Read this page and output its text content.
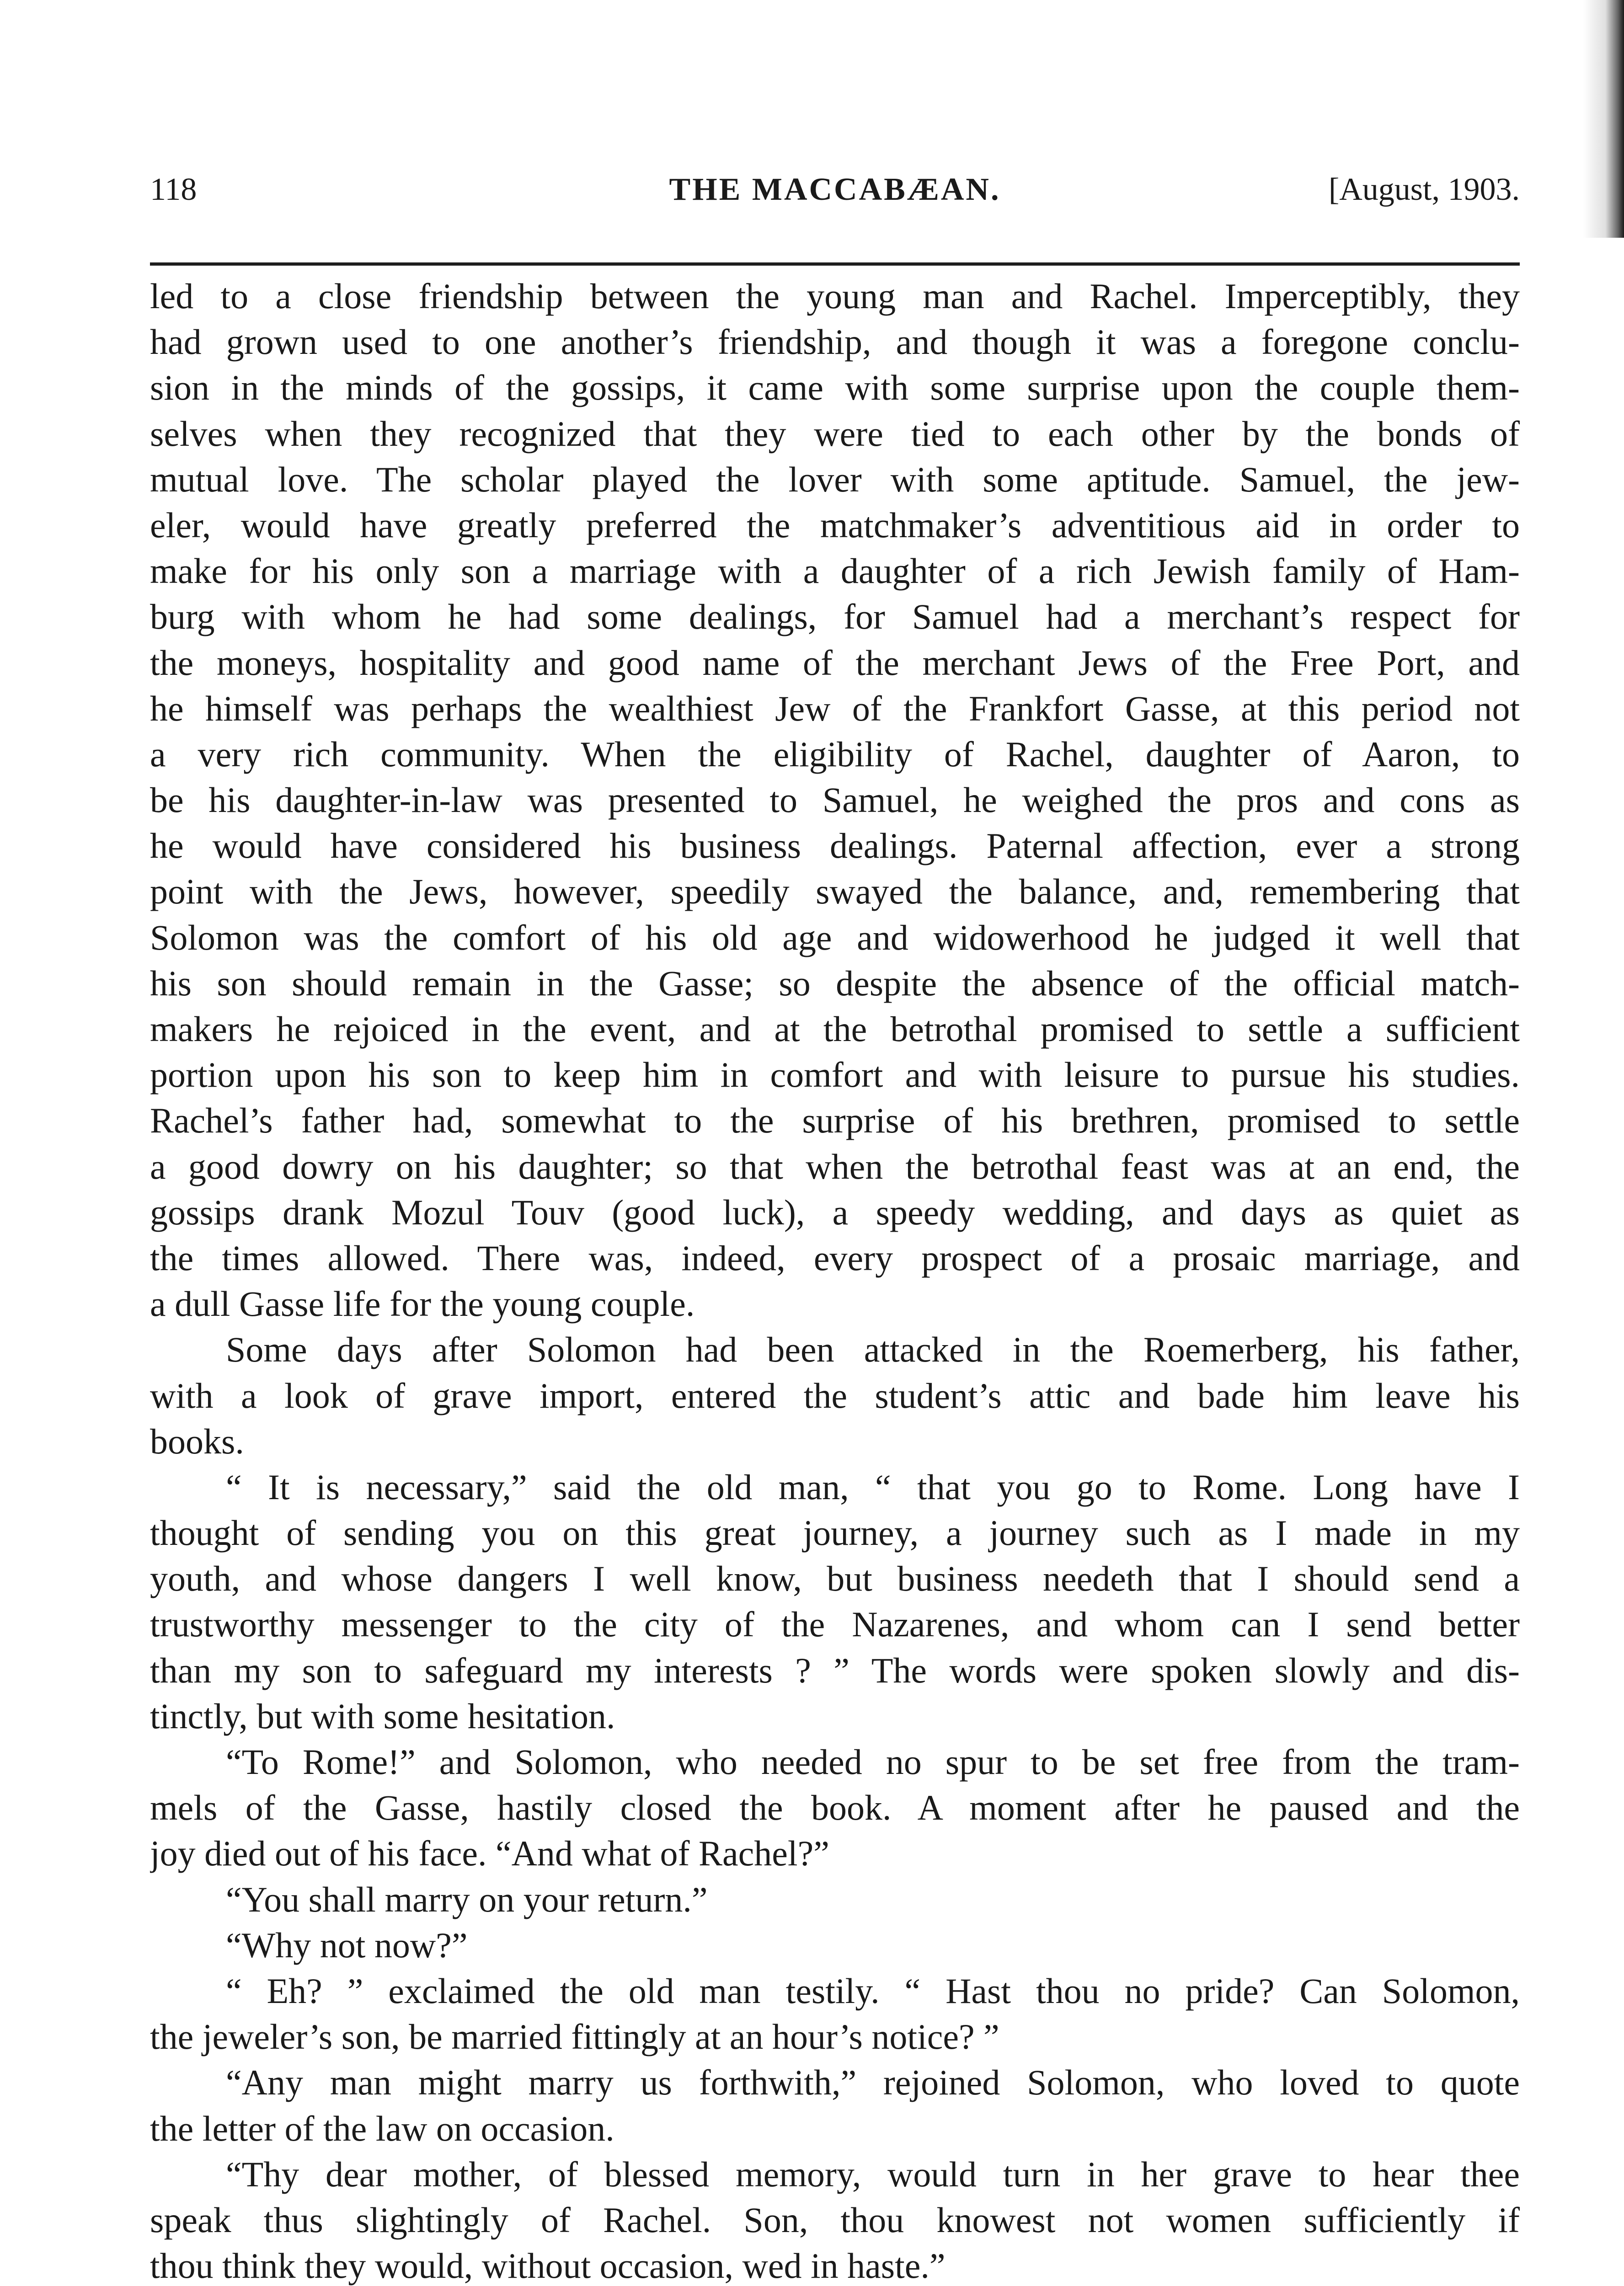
118	THE MACCABÆAN.	[August, 1903.
led to a close friendship between the young man and Rachel. Imperceptibly, they
had grown used to one another’s friendship, and though it was a foregone conclu-
sion in the minds of the gossips, it came with some surprise upon the couple them-
selves when they recognized that they were tied to each other by the bonds of
mutual love. The scholar played the lover with some aptitude. Samuel, the jew-
eler, would have greatly preferred the matchmaker’s adventitious aid in order to
make for his only son a marriage with a daughter of a rich Jewish family of Ham-
burg with whom he had some dealings, for Samuel had a merchant’s respect for
the moneys, hospitality and good name of the merchant Jews of the Free Port, and
he himself was perhaps the wealthiest Jew of the Frankfort Gasse, at this period not
a very rich community. When the eligibility of Rachel, daughter of Aaron, to
be his daughter-in-law was presented to Samuel, he weighed the pros and cons as
he would have considered his business dealings. Paternal affection, ever a strong
point with the Jews, however, speedily swayed the balance, and, remembering that
Solomon was the comfort of his old age and widowerhood he judged it well that
his son should remain in the Gasse; so despite the absence of the official match-
makers he rejoiced in the event, and at the betrothal promised to settle a sufficient
portion upon his son to keep him in comfort and with leisure to pursue his studies.
Rachel’s father had, somewhat to the surprise of his brethren, promised to settle
a good dowry on his daughter; so that when the betrothal feast was at an end, the
gossips drank Mozul Touv (good luck), a speedy wedding, and days as quiet as
the times allowed. There was, indeed, every prospect of a prosaic marriage, and
a dull Gasse life for the young couple.
Some days after Solomon had been attacked in the Roemerberg, his father,
with a look of grave import, entered the student’s attic and bade him leave his
books.
“ It is necessary,” said the old man, “ that you go to Rome. Long have I
thought of sending you on this great journey, a journey such as I made in my
youth, and whose dangers I well know, but business needeth that I should send a
trustworthy messenger to the city of the Nazarenes, and whom can I send better
than my son to safeguard my interests ? ” The words were spoken slowly and dis-
tinctly, but with some hesitation.
“To Rome!” and Solomon, who needed no spur to be set free from the tram-
mels of the Gasse, hastily closed the book. A moment after he paused and the
joy died out of his face. “And what of Rachel?”
“You shall marry on your return.”
“Why not now?”
“ Eh? ” exclaimed the old man testily. “ Hast thou no pride? Can Solomon,
the jeweler’s son, be married fittingly at an hour’s notice? ”
“Any man might marry us forthwith,” rejoined Solomon, who loved to quote
the letter of the law on occasion.
“Thy dear mother, of blessed memory, would turn in her grave to hear thee
speak thus slightingly of Rachel. Son, thou knowest not women sufficiently if
thou think they would, without occasion, wed in haste.”
